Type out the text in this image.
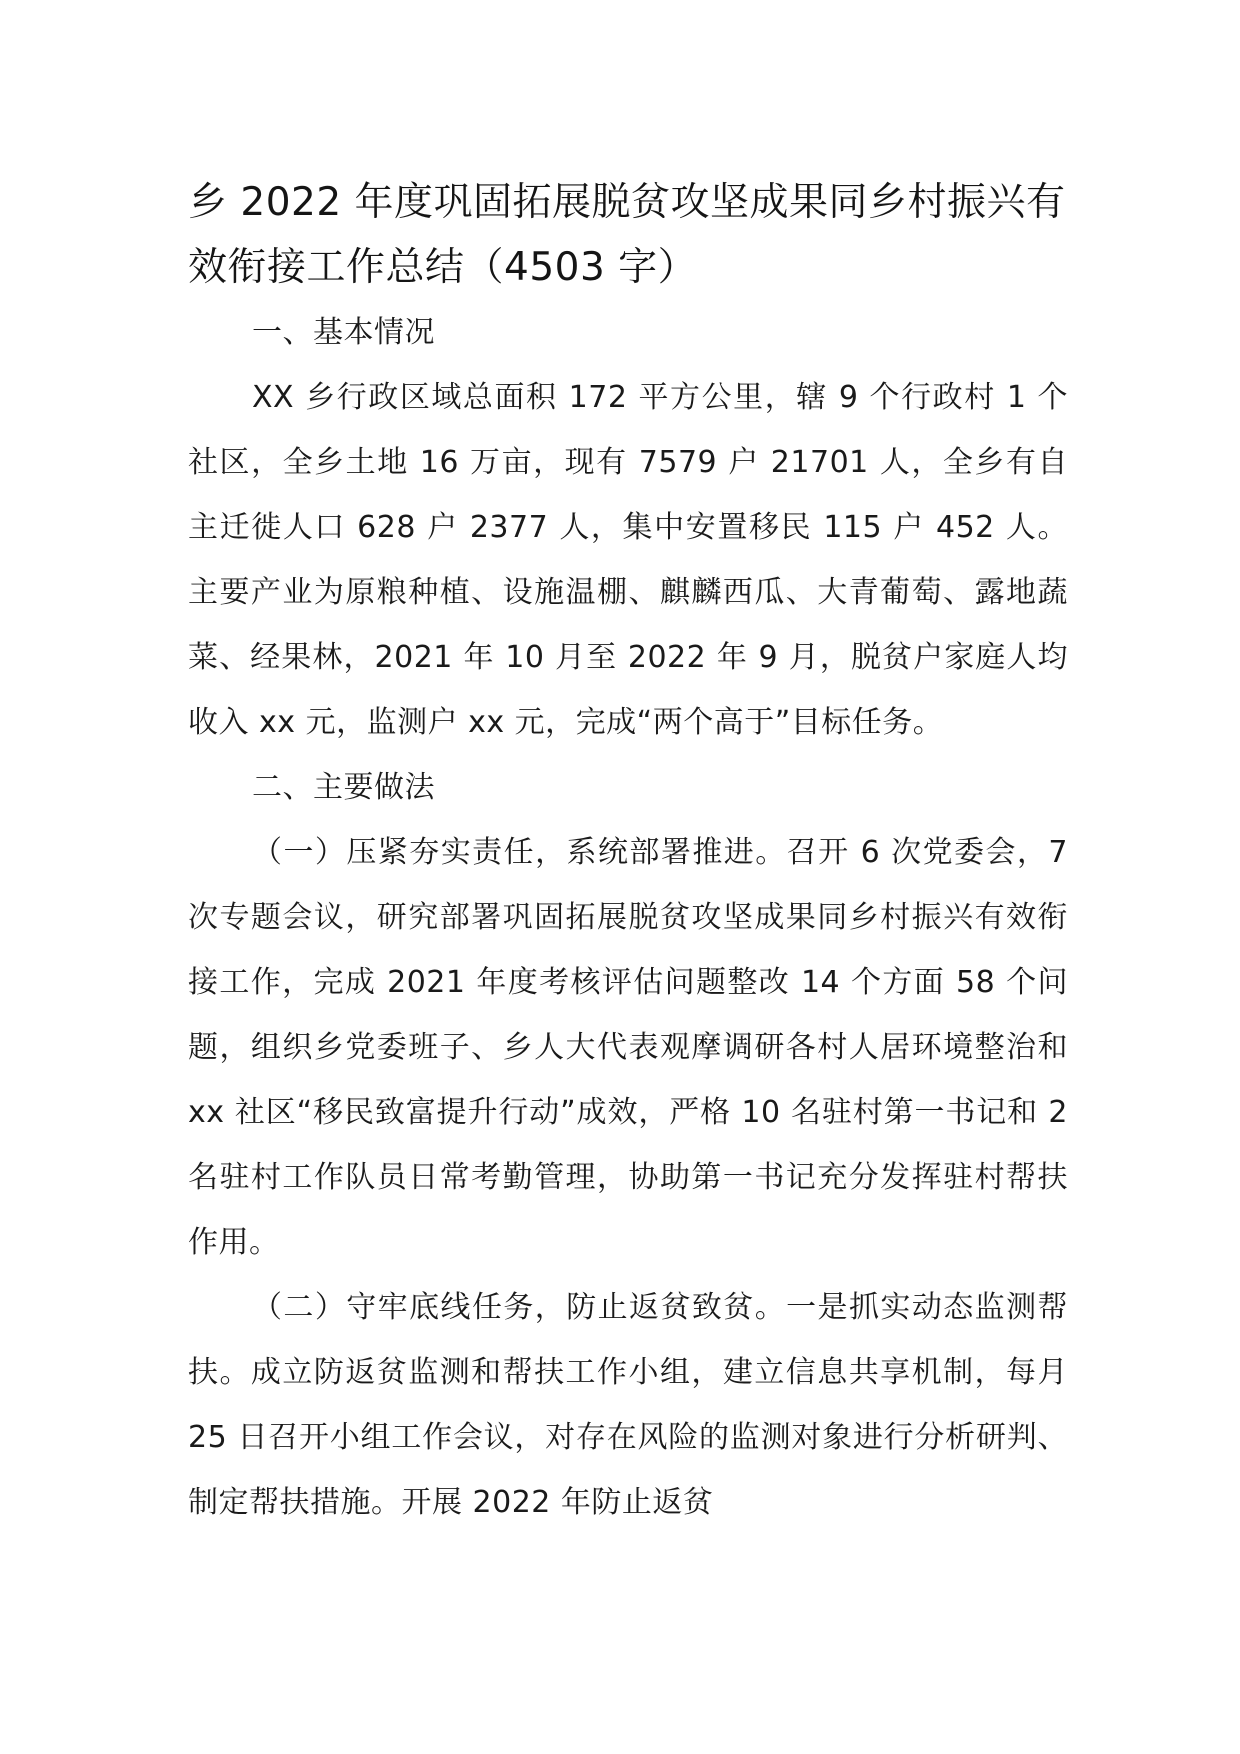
乡 2022 年度巩固拓展脱贫攻坚成果同乡村振兴有效衔接工作总结（4503 字）

一、基本情况

XX 乡行政区域总面积 172 平方公里，辖 9 个行政村 1 个社区，全乡土地 16 万亩，现有 7579 户 21701 人，全乡有自主迁徙人口 628 户 2377 人，集中安置移民 115 户 452 人。主要产业为原粮种植、设施温棚、麒麟西瓜、大青葡萄、露地蔬菜、经果林，2021 年 10 月至 2022 年 9 月，脱贫户家庭人均收入 xx 元，监测户 xx 元，完成“两个高于”目标任务。

二、主要做法

（一）压紧夯实责任，系统部署推进。召开 6 次党委会，7 次专题会议，研究部署巩固拓展脱贫攻坚成果同乡村振兴有效衔接工作，完成 2021 年度考核评估问题整改 14 个方面 58 个问题，组织乡党委班子、乡人大代表观摩调研各村人居环境整治和 xx 社区“移民致富提升行动”成效，严格 10 名驻村第一书记和 2 名驻村工作队员日常考勤管理，协助第一书记充分发挥驻村帮扶作用。

（二）守牢底线任务，防止返贫致贫。一是抓实动态监测帮扶。成立防返贫监测和帮扶工作小组，建立信息共享机制，每月 25 日召开小组工作会议，对存在风险的监测对象进行分析研判、制定帮扶措施。开展 2022 年防止返贫
